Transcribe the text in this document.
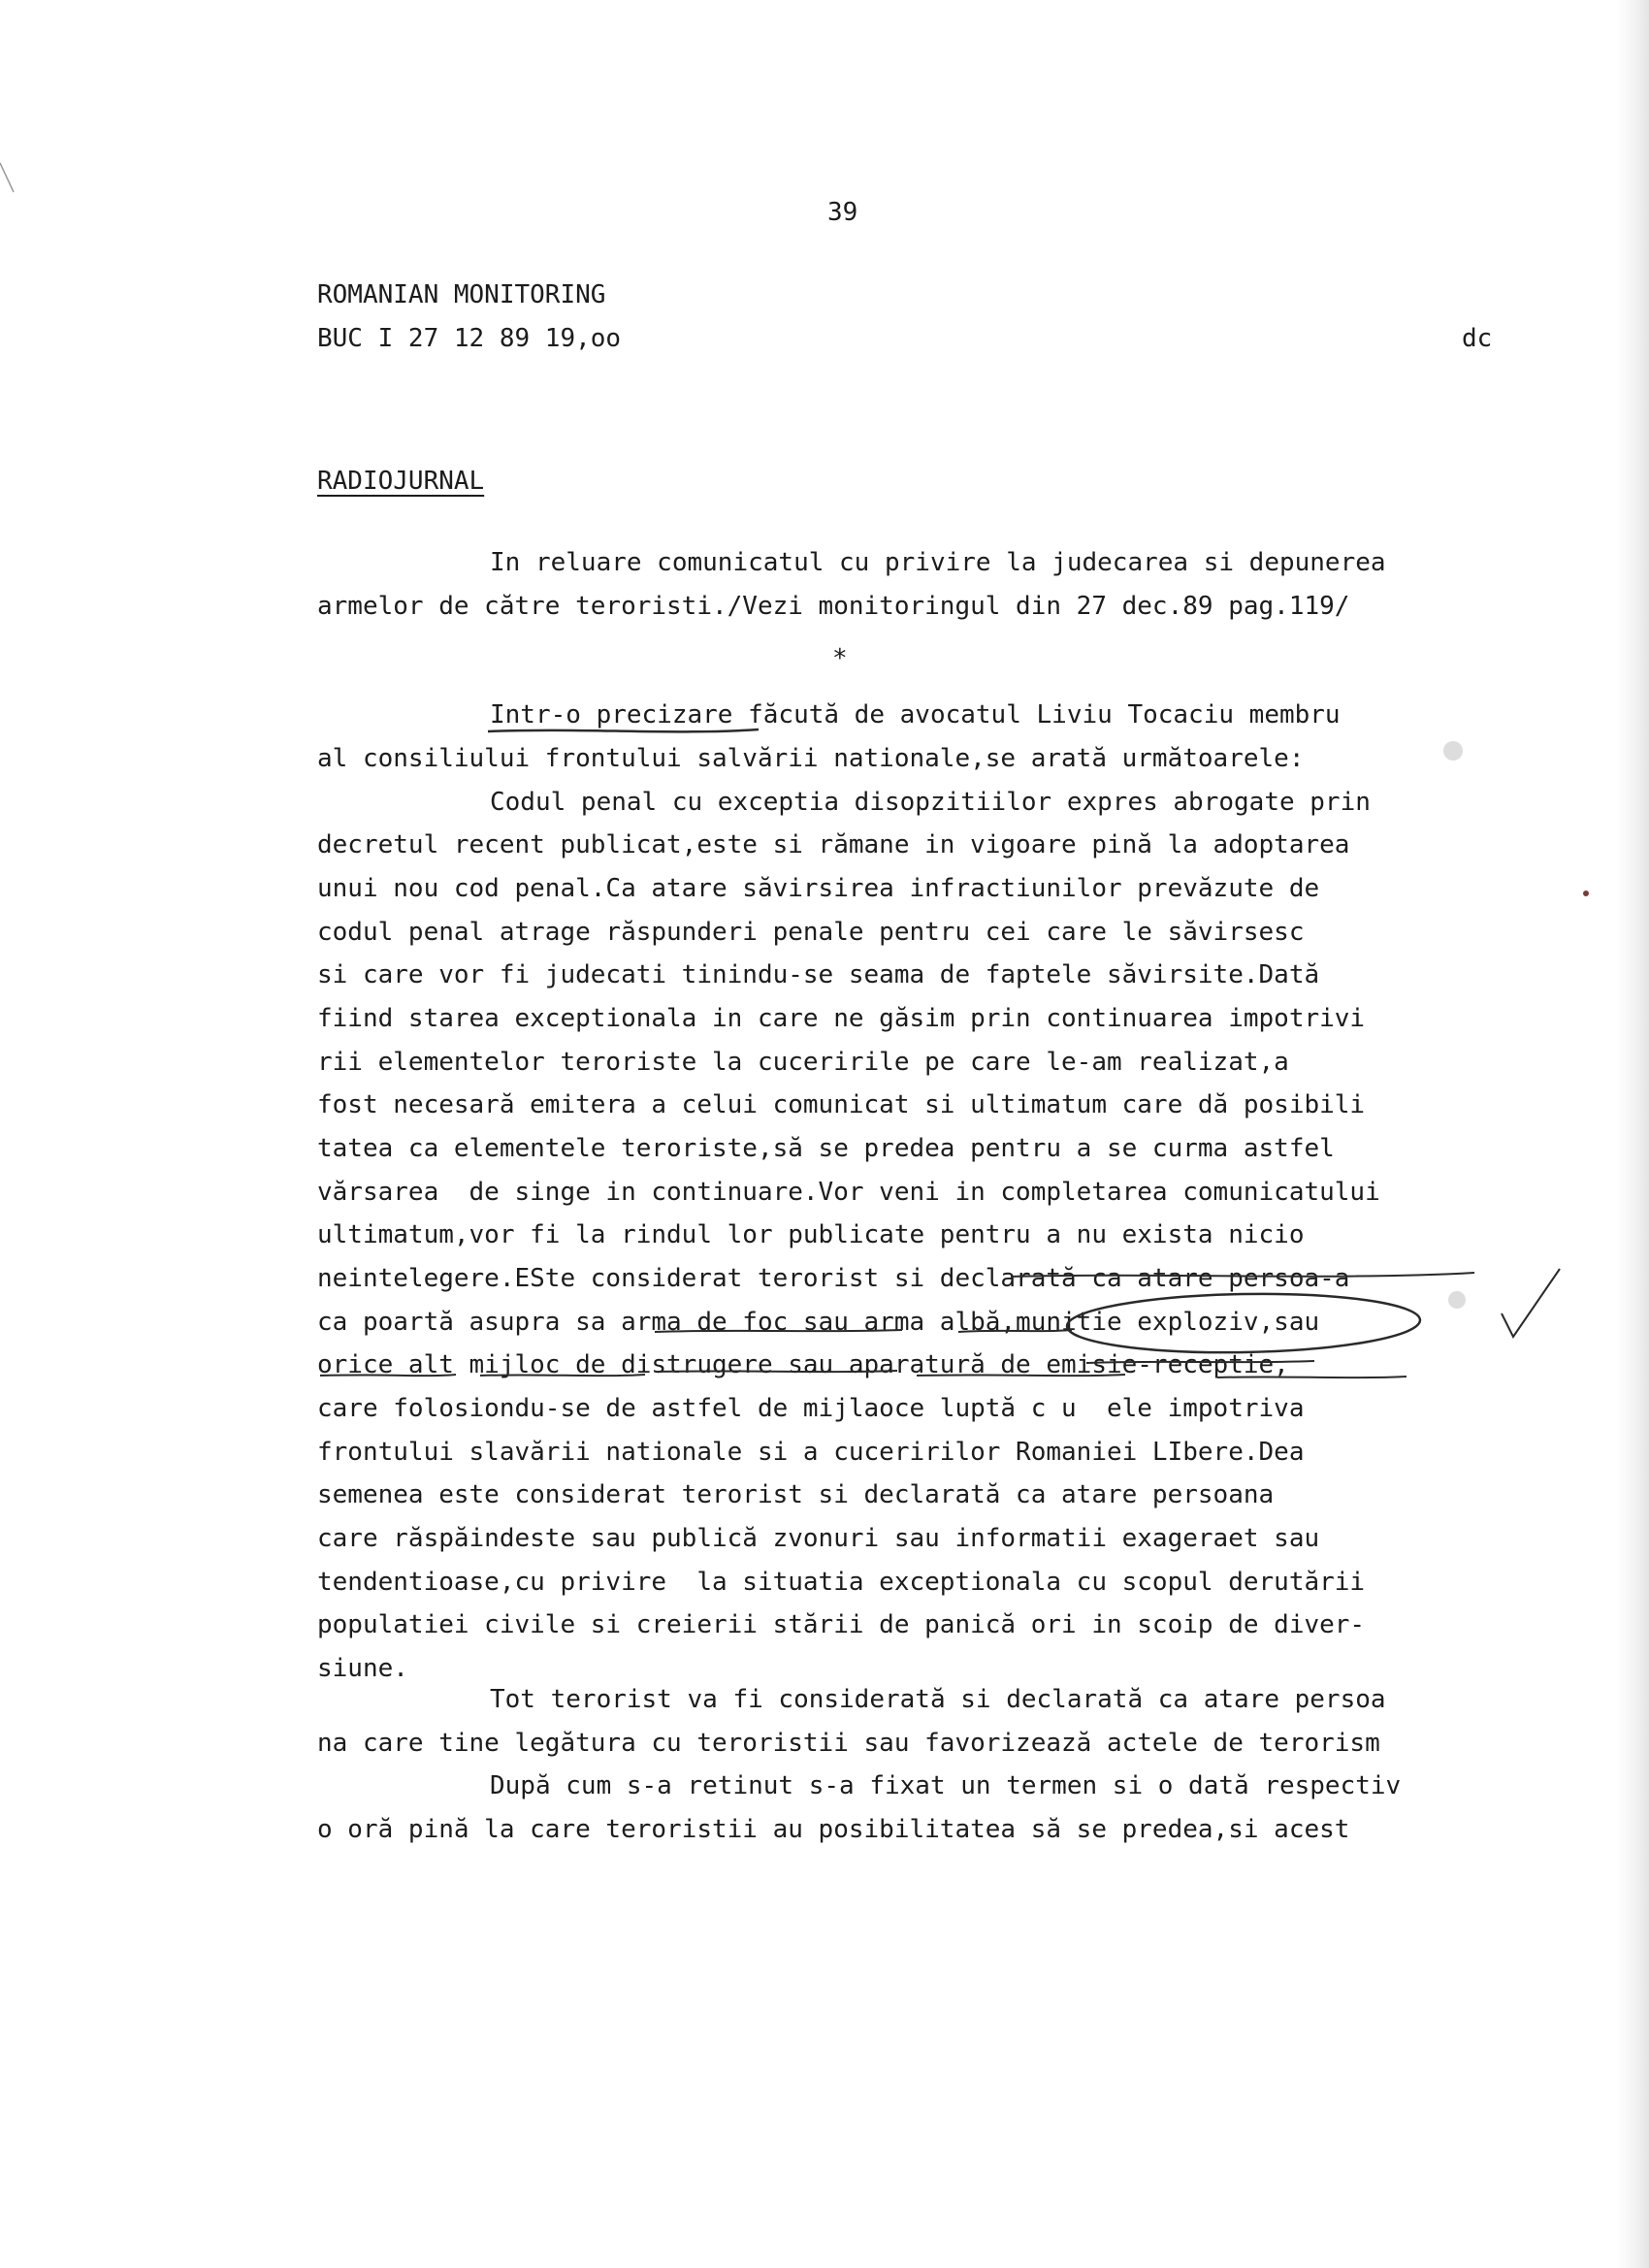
39
ROMANIAN MONITORING
BUC I 27 12 89 19,oo	dc
RADIOJURNAL
In reluare comunicatul cu privire la judecarea si depunerea
armelor de către teroristi./Vezi monitoringul din 27 dec.89 pag.119/
*
Intr-o precizare făcută de avocatul Liviu Tocaciu membru
al consiliului frontului salvării nationale,se arată următoarele:
Codul penal cu exceptia disopzitiilor expres abrogate prin
decretul recent publicat,este si rămane in vigoare pină la adoptarea
unui nou cod penal.Ca atare săvirsirea infractiunilor prevăzute de
codul penal atrage răspunderi penale pentru cei care le săvirsesc
si care vor fi judecati tinindu-se seama de faptele săvirsite.Dată
fiind starea exceptionala in care ne găsim prin continuarea impotrivi
rii elementelor teroriste la cuceririle pe care le-am realizat,a
fost necesară emitera a celui comunicat si ultimatum care dă posibili
tatea ca elementele teroriste,să se predea pentru a se curma astfel
vărsarea  de singe in continuare.Vor veni in completarea comunicatului
ultimatum,vor fi la rindul lor publicate pentru a nu exista nicio
neintelegere.ESte considerat terorist si declarată ca atare persoa-a
ca poartă asupra sa arma de foc sau arma albă,munitie exploziv,sau
orice alt mijloc de distrugere sau aparatură de emisie-receptie,
care folosiondu-se de astfel de mijlaoce luptă c u  ele impotriva
frontului slavării nationale si a cuceririlor Romaniei LIbere.Dea
semenea este considerat terorist si declarată ca atare persoana
care răspăindeste sau publică zvonuri sau informatii exageraet sau
tendentioase,cu privire  la situatia exceptionala cu scopul derutării
populatiei civile si creierii stării de panică ori in scoip de diver-
siune.
Tot terorist va fi considerată si declarată ca atare persoa
na care tine legătura cu teroristii sau favorizează actele de terorism
După cum s-a retinut s-a fixat un termen si o dată respectiv
o oră pină la care teroristii au posibilitatea să se predea,si acest
